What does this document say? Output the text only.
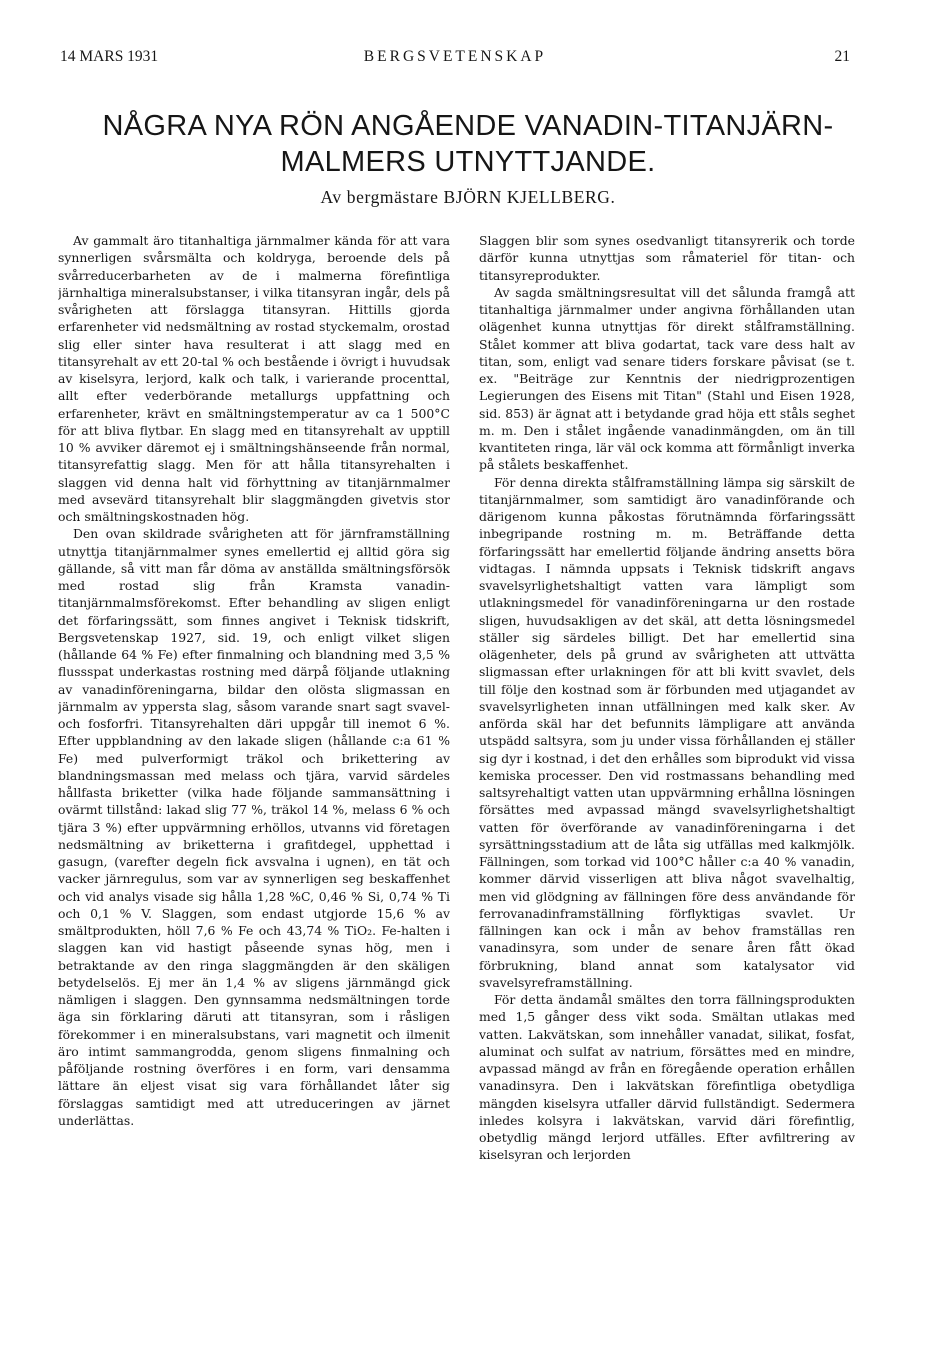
14 MARS 1931	BERGSVETENSKAP	21
NÅGRA NYA RÖN ANGÅENDE VANADIN-TITANJÄRN-MALMERS UTNYTTJANDE.
Av bergmästare BJÖRN KJELLBERG.

Av gammalt äro titanhaltiga järnmalmer kända för att vara synnerligen svårsmälta och koldryga, beroende dels på svårreducerbarheten av de i malmerna förefintliga järnhaltiga mineralsubstanser, i vilka titansyran ingår, dels på svårigheten att förslagga titansyran. Hittills gjorda erfarenheter vid nedsmältning av rostad styckemalm, orostad slig eller sinter hava resulterat i att slagg med en titansyrehalt av ett 20-tal % och bestående i övrigt i huvudsak av kiselsyra, lerjord, kalk och talk, i varierande procenttal, allt efter vederbörande metallurgs uppfattning och erfarenheter, krävt en smältningstemperatur av ca 1 500°C för att bliva flytbar. En slagg med en titansyrehalt av upptill 10 % avviker däremot ej i smältningshänseende från normal, titansyrefattig slagg. Men för att hålla titansyrehalten i slaggen vid denna halt vid förhyttning av titanjärnmalmer med avsevärd titansyrehalt blir slaggmängden givetvis stor och smältningskostnaden hög.

Den ovan skildrade svårigheten att för järnframställning utnyttja titanjärnmalmer synes emellertid ej alltid göra sig gällande, så vitt man får döma av anställda smältningsförsök med rostad slig från Kramsta vanadin-titanjärnmalmsförekomst. Efter behandling av sligen enligt det förfaringssätt, som finnes angivet i Teknisk tidskrift, Bergsvetenskap 1927, sid. 19, och enligt vilket sligen (hållande 64 % Fe) efter finmalning och blandning med 3,5 % flussspat underkastas rostning med därpå följande utlakning av vanadinföreningarna, bildar den olösta sligmassan en järnmalm av yppersta slag, såsom varande snart sagt svavel- och fosforfri. Titansyrehalten däri uppgår till inemot 6 %. Efter uppblandning av den lakade sligen (hållande c:a 61 % Fe) med pulverformigt träkol och brikettering av blandningsmassan med melass och tjära, varvid särdeles hållfasta briketter (vilka hade följande sammansättning i ovärmt tillstånd: lakad slig 77 %, träkol 14 %, melass 6 % och tjära 3 %) efter uppvärmning erhöllos, utvanns vid företagen nedsmältning av briketterna i grafitdegel, upphettad i gasugn, (varefter degeln fick avsvalna i ugnen), en tät och vacker järnregulus, som var av synnerligen seg beskaffenhet och vid analys visade sig hålla 1,28 %C, 0,46 % Si, 0,74 % Ti och 0,1 % V. Slaggen, som endast utgjorde 15,6 % av smältprodukten, höll 7,6 % Fe och 43,74 % TiO₂. Fe-halten i slaggen kan vid hastigt påseende synas hög, men i betraktande av den ringa slaggmängden är den skäligen betydelselös. Ej mer än 1,4 % av sligens järnmängd gick nämligen i slaggen. Den gynnsamma nedsmältningen torde äga sin förklaring däruti att titansyran, som i råsligen förekommer i en mineralsubstans, vari magnetit och ilmenit äro intimt sammangrodda, genom sligens finmalning och påföljande rostning överföres i en form, vari densamma lättare än eljest visat sig vara förhållandet låter sig förslaggas samtidigt med att utreduceringen av järnet underlättas.

Slaggen blir som synes osedvanligt titansyrerik och torde därför kunna utnyttjas som råmateriel för titan- och titansyreprodukter.

Av sagda smältningsresultat vill det sålunda framgå att titanhaltiga järnmalmer under angivna förhållanden utan olägenhet kunna utnyttjas för direkt stålframställning. Stålet kommer att bliva godartat, tack vare dess halt av titan, som, enligt vad senare tiders forskare påvisat (se t. ex. "Beiträge zur Kenntnis der niedrigprozentigen Legierungen des Eisens mit Titan" (Stahl und Eisen 1928, sid. 853) är ägnat att i betydande grad höja ett ståls seghet m. m. Den i stålet ingående vanadinmängden, om än till kvantiteten ringa, lär väl ock komma att förmånligt inverka på stålets beskaffenhet.

För denna direkta stålframställning lämpa sig särskilt de titanjärnmalmer, som samtidigt äro vanadinförande och därigenom kunna påkostas förutnämnda förfaringssätt inbegripande rostning m. m. Beträffande detta förfaringssätt har emellertid följande ändring ansetts böra vidtagas. I nämnda uppsats i Teknisk tidskrift angavs svavelsyrlighetshaltigt vatten vara lämpligt som utlakningsmedel för vanadinföreningarna ur den rostade sligen, huvudsakligen av det skäl, att detta lösningsmedel ställer sig särdeles billigt. Det har emellertid sina olägenheter, dels på grund av svårigheten att uttvätta sligmassan efter urlakningen för att bli kvitt svavlet, dels till följe den kostnad som är förbunden med utjagandet av svavelsyrligheten innan utfällningen med kalk sker. Av anförda skäl har det befunnits lämpligare att använda utspädd saltsyra, som ju under vissa förhållanden ej ställer sig dyr i kostnad, i det den erhålles som biprodukt vid vissa kemiska processer. Den vid rostmassans behandling med saltsyrehaltigt vatten utan uppvärmning erhållna lösningen försättes med avpassad mängd svavelsyrlighetshaltigt vatten för överförande av vanadinföreningarna i det syrsättningsstadium att de låta sig utfällas med kalkmjölk. Fällningen, som torkad vid 100°C håller c:a 40 % vanadin, kommer därvid visserligen att bliva något svavelhaltig, men vid glödgning av fällningen före dess användande för ferrovanadinframställning förflyktigas svavlet. Ur fällningen kan ock i mån av behov framställas ren vanadinsyra, som under de senare åren fått ökad förbrukning, bland annat som katalysator vid svavelsyreframställning.

För detta ändamål smältes den torra fällningsprodukten med 1,5 gånger dess vikt soda. Smältan utlakas med vatten. Lakvätskan, som innehåller vanadat, silikat, fosfat, aluminat och sulfat av natrium, försättes med en mindre, avpassad mängd av från en föregående operation erhållen vanadinsyra. Den i lakvätskan förefintliga obetydliga mängden kiselsyra utfaller därvid fullständigt. Sedermera inledes kolsyra i lakvätskan, varvid däri förefintlig, obetydlig mängd lerjord utfälles. Efter avfiltrering av kiselsyran och lerjorden
